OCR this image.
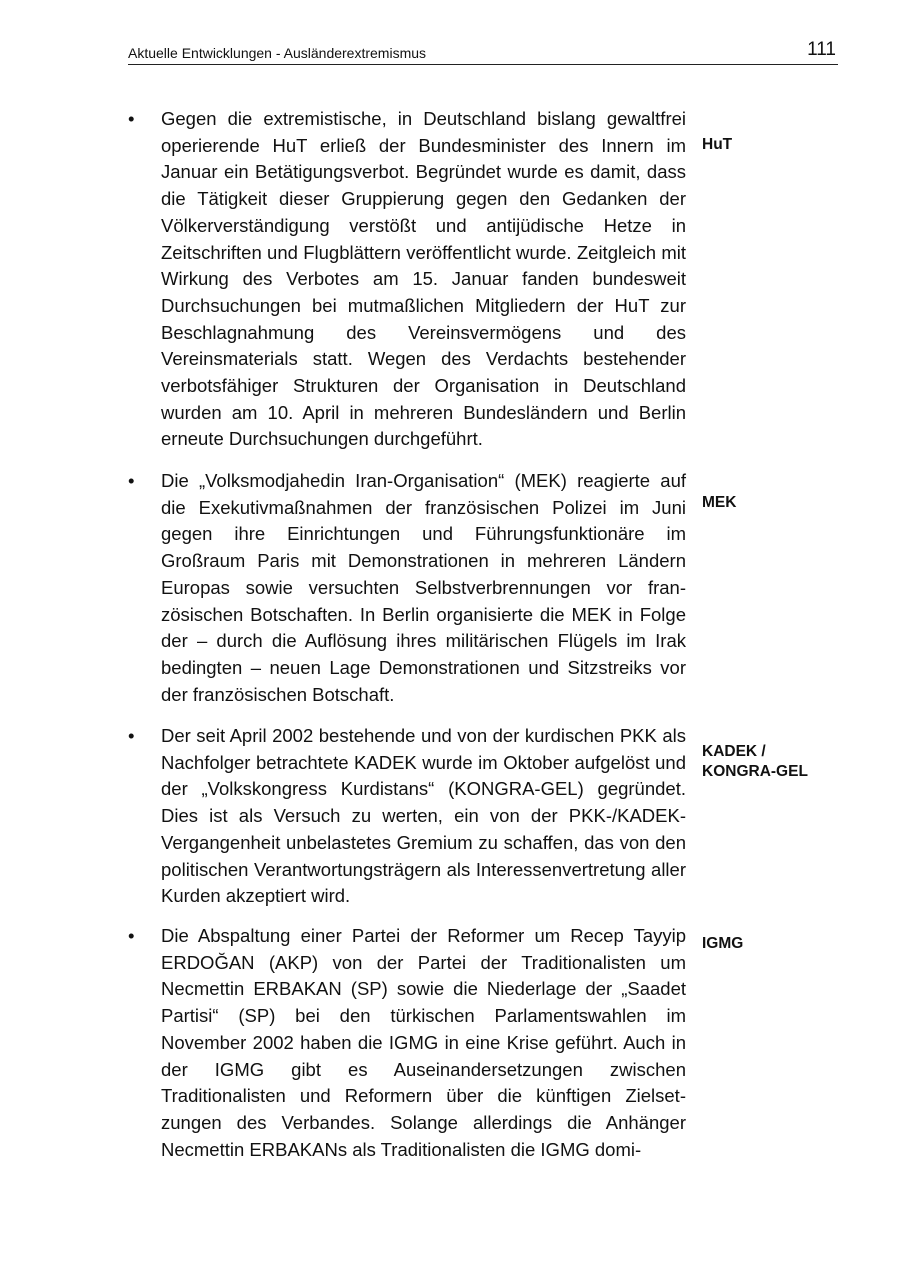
Aktuelle Entwicklungen - Ausländerextremismus	111
• Gegen die extremistische, in Deutschland bislang gewaltfrei operierende HuT erließ der Bundesminister des Innern im Januar ein Betätigungsverbot. Begründet wurde es damit, dass die Tätigkeit dieser Gruppierung gegen den Gedanken der Völkerverständigung verstößt und antijüdische Hetze in Zeitschriften und Flugblättern veröffentlicht wurde. Zeitgleich mit Wirkung des Verbotes am 15. Januar fanden bundesweit Durchsuchungen bei mutmaßlichen Mitgliedern der HuT zur Beschlagnahmung des Vereinsvermögens und des Vereinsmaterials statt. Wegen des Verdachts bestehender verbotsfähiger Strukturen der Organisation in Deutschland wurden am 10. April in mehreren Bundesländern und Berlin erneute Durchsuchungen durchgeführt.

HuT
• Die „Volksmodjahedin Iran-Organisation“ (MEK) reagierte auf die Exekutivmaßnahmen der französischen Polizei im Juni gegen ihre Einrichtungen und Führungsfunktionäre im Großraum Paris mit Demonstrationen in mehreren Ländern Europas sowie versuchten Selbstverbrennungen vor französischen Botschaften. In Berlin organisierte die MEK in Folge der – durch die Auflösung ihres militärischen Flügels im Irak bedingten – neuen Lage Demonstrationen und Sitzstreiks vor der französischen Botschaft.

MEK
• Der seit April 2002 bestehende und von der kurdischen PKK als Nachfolger betrachtete KADEK wurde im Oktober aufgelöst und der „Volkskongress Kurdistans“ (KONGRA-GEL) gegründet. Dies ist als Versuch zu werten, ein von der PKK-/KADEK-Vergangenheit unbelastetes Gremium zu schaffen, das von den politischen Verantwortungsträgern als Interessenvertretung aller Kurden akzeptiert wird.

KADEK /
KONGRA-GEL
• Die Abspaltung einer Partei der Reformer um Recep Tayyip ERDOĞAN (AKP) von der Partei der Traditionalisten um Necmettin ERBAKAN (SP) sowie die Niederlage der „Saadet Partisi“ (SP) bei den türkischen Parlamentswahlen im November 2002 haben die IGMG in eine Krise geführt. Auch in der IGMG gibt es Auseinandersetzungen zwischen Traditionalisten und Reformern über die künftigen Zielsetzungen des Verbandes. Solange allerdings die Anhänger Necmettin ERBAKANs als Traditionalisten die IGMG domi-

IGMG
